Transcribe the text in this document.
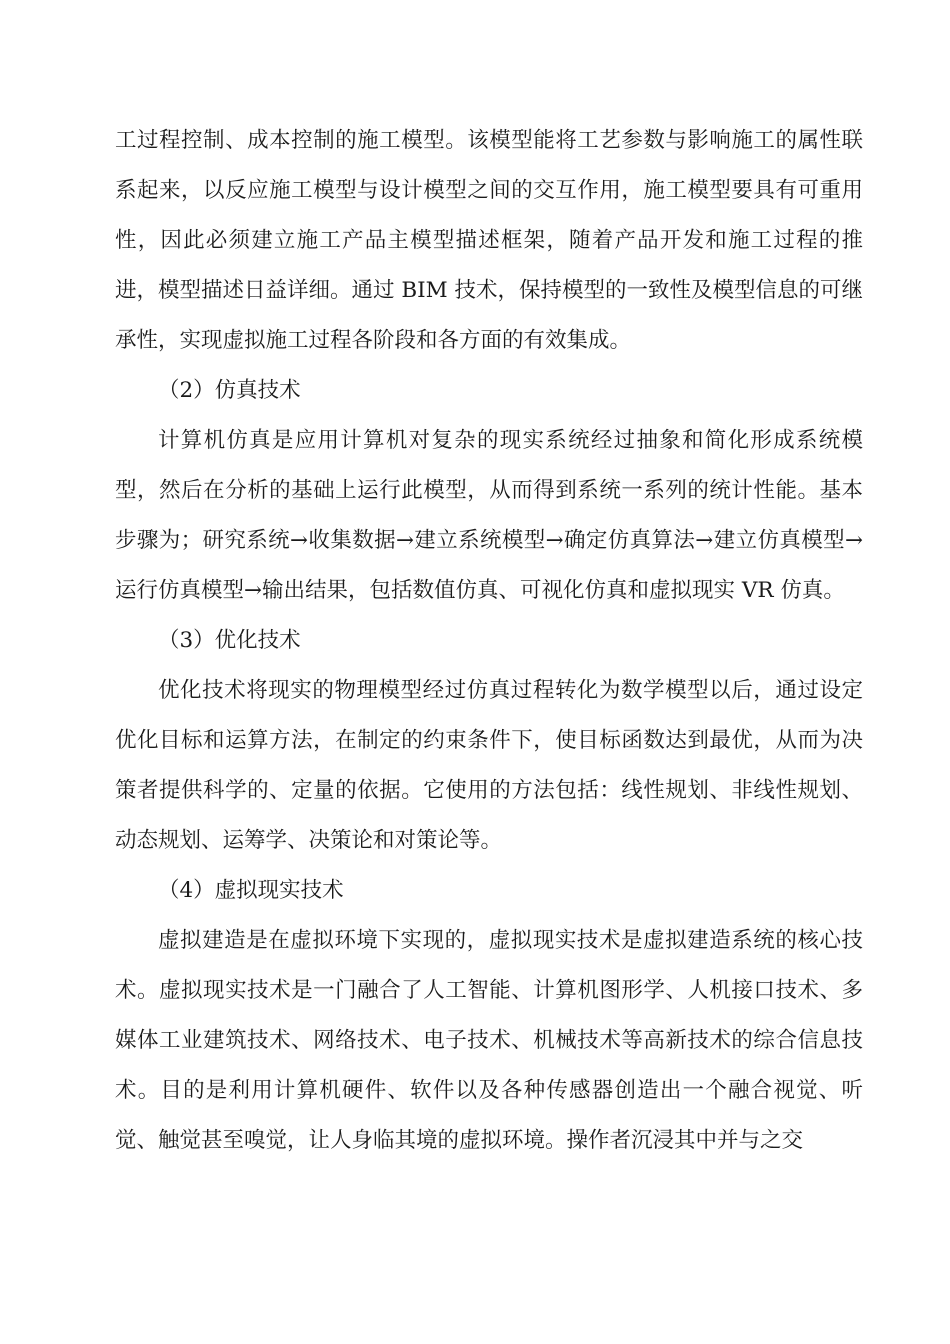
工过程控制、成本控制的施工模型。该模型能将工艺参数与影响施工的属性联系起来，以反应施工模型与设计模型之间的交互作用，施工模型要具有可重用性，因此必须建立施工产品主模型描述框架，随着产品开发和施工过程的推进，模型描述日益详细。通过 BIM 技术，保持模型的一致性及模型信息的可继承性，实现虚拟施工过程各阶段和各方面的有效集成。

（2）仿真技术

计算机仿真是应用计算机对复杂的现实系统经过抽象和简化形成系统模型，然后在分析的基础上运行此模型，从而得到系统一系列的统计性能。基本步骤为；研究系统→收集数据→建立系统模型→确定仿真算法→建立仿真模型→运行仿真模型→输出结果，包括数值仿真、可视化仿真和虚拟现实 VR 仿真。

（3）优化技术

优化技术将现实的物理模型经过仿真过程转化为数学模型以后，通过设定优化目标和运算方法，在制定的约束条件下，使目标函数达到最优，从而为决策者提供科学的、定量的依据。它使用的方法包括：线性规划、非线性规划、动态规划、运筹学、决策论和对策论等。

（4）虚拟现实技术

虚拟建造是在虚拟环境下实现的，虚拟现实技术是虚拟建造系统的核心技术。虚拟现实技术是一门融合了人工智能、计算机图形学、人机接口技术、多媒体工业建筑技术、网络技术、电子技术、机械技术等高新技术的综合信息技术。目的是利用计算机硬件、软件以及各种传感器创造出一个融合视觉、听觉、触觉甚至嗅觉，让人身临其境的虚拟环境。操作者沉浸其中并与之交
